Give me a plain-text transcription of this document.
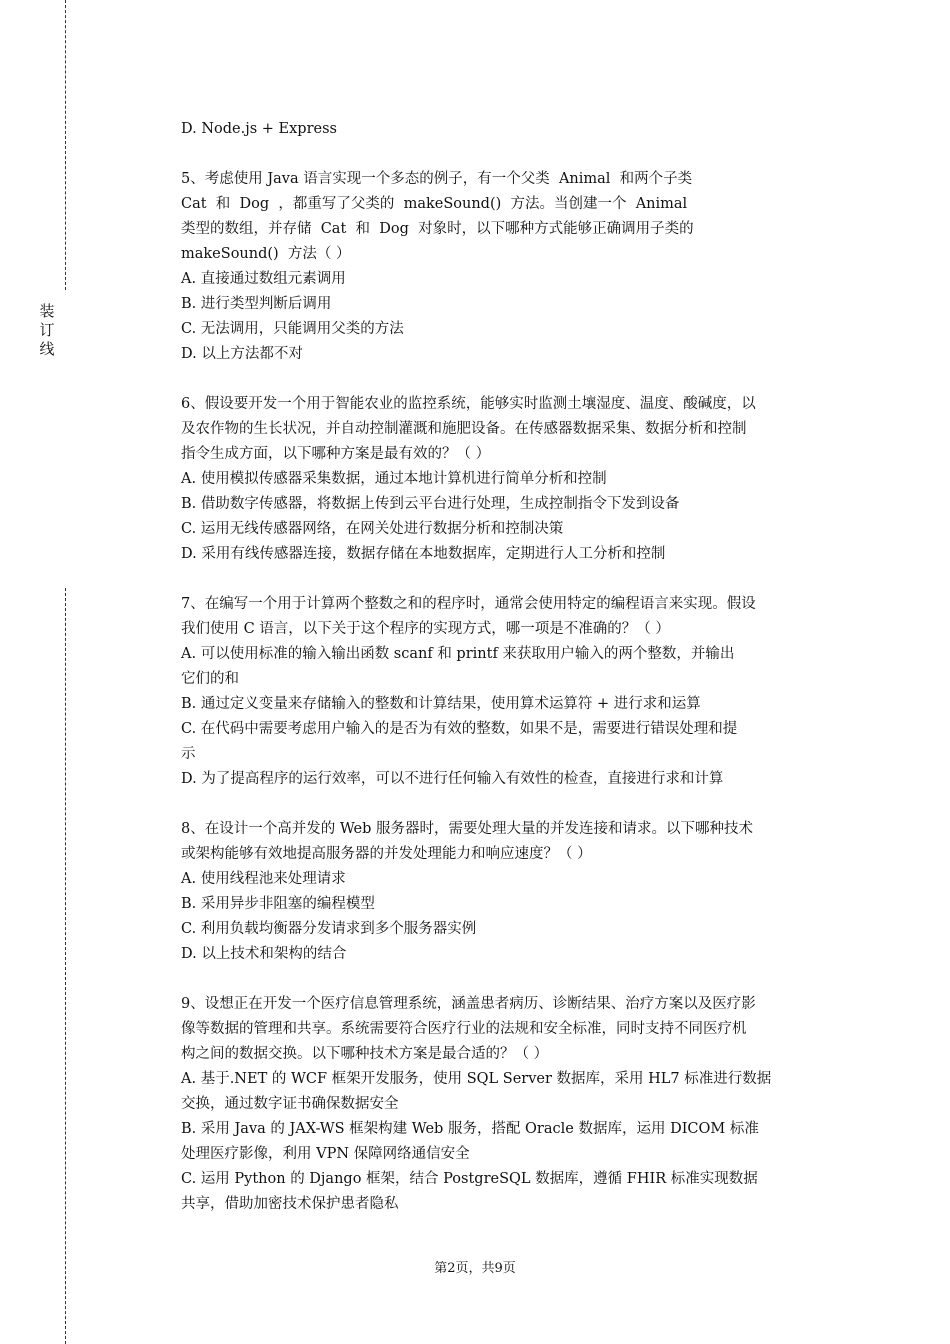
装
订
线
D. Node.js + Express
5、考虑使用 Java 语言实现一个多态的例子，有一个父类  Animal  和两个子类
Cat  和  Dog  ，都重写了父类的  makeSound()  方法。当创建一个  Animal
类型的数组，并存储  Cat  和  Dog  对象时，以下哪种方式能够正确调用子类的
makeSound()  方法（ ）
A. 直接通过数组元素调用
B. 进行类型判断后调用
C. 无法调用，只能调用父类的方法
D. 以上方法都不对
6、假设要开发一个用于智能农业的监控系统，能够实时监测土壤湿度、温度、酸碱度，以
及农作物的生长状况，并自动控制灌溉和施肥设备。在传感器数据采集、数据分析和控制
指令生成方面，以下哪种方案是最有效的？（ ）
A. 使用模拟传感器采集数据，通过本地计算机进行简单分析和控制
B. 借助数字传感器，将数据上传到云平台进行处理，生成控制指令下发到设备
C. 运用无线传感器网络，在网关处进行数据分析和控制决策
D. 采用有线传感器连接，数据存储在本地数据库，定期进行人工分析和控制
7、在编写一个用于计算两个整数之和的程序时，通常会使用特定的编程语言来实现。假设
我们使用 C 语言，以下关于这个程序的实现方式，哪一项是不准确的？（ ）
A. 可以使用标准的输入输出函数 scanf 和 printf 来获取用户输入的两个整数，并输出
它们的和
B. 通过定义变量来存储输入的整数和计算结果，使用算术运算符 + 进行求和运算
C. 在代码中需要考虑用户输入的是否为有效的整数，如果不是，需要进行错误处理和提
示
D. 为了提高程序的运行效率，可以不进行任何输入有效性的检查，直接进行求和计算
8、在设计一个高并发的 Web 服务器时，需要处理大量的并发连接和请求。以下哪种技术
或架构能够有效地提高服务器的并发处理能力和响应速度？（ ）
A. 使用线程池来处理请求
B. 采用异步非阻塞的编程模型
C. 利用负载均衡器分发请求到多个服务器实例
D. 以上技术和架构的结合
9、设想正在开发一个医疗信息管理系统，涵盖患者病历、诊断结果、治疗方案以及医疗影
像等数据的管理和共享。系统需要符合医疗行业的法规和安全标准，同时支持不同医疗机
构之间的数据交换。以下哪种技术方案是最合适的？（ ）
A. 基于.NET 的 WCF 框架开发服务，使用 SQL Server 数据库，采用 HL7 标准进行数据
交换，通过数字证书确保数据安全
B. 采用 Java 的 JAX-WS 框架构建 Web 服务，搭配 Oracle 数据库，运用 DICOM 标准
处理医疗影像，利用 VPN 保障网络通信安全
C. 运用 Python 的 Django 框架，结合 PostgreSQL 数据库，遵循 FHIR 标准实现数据
共享，借助加密技术保护患者隐私
第2页，共9页
